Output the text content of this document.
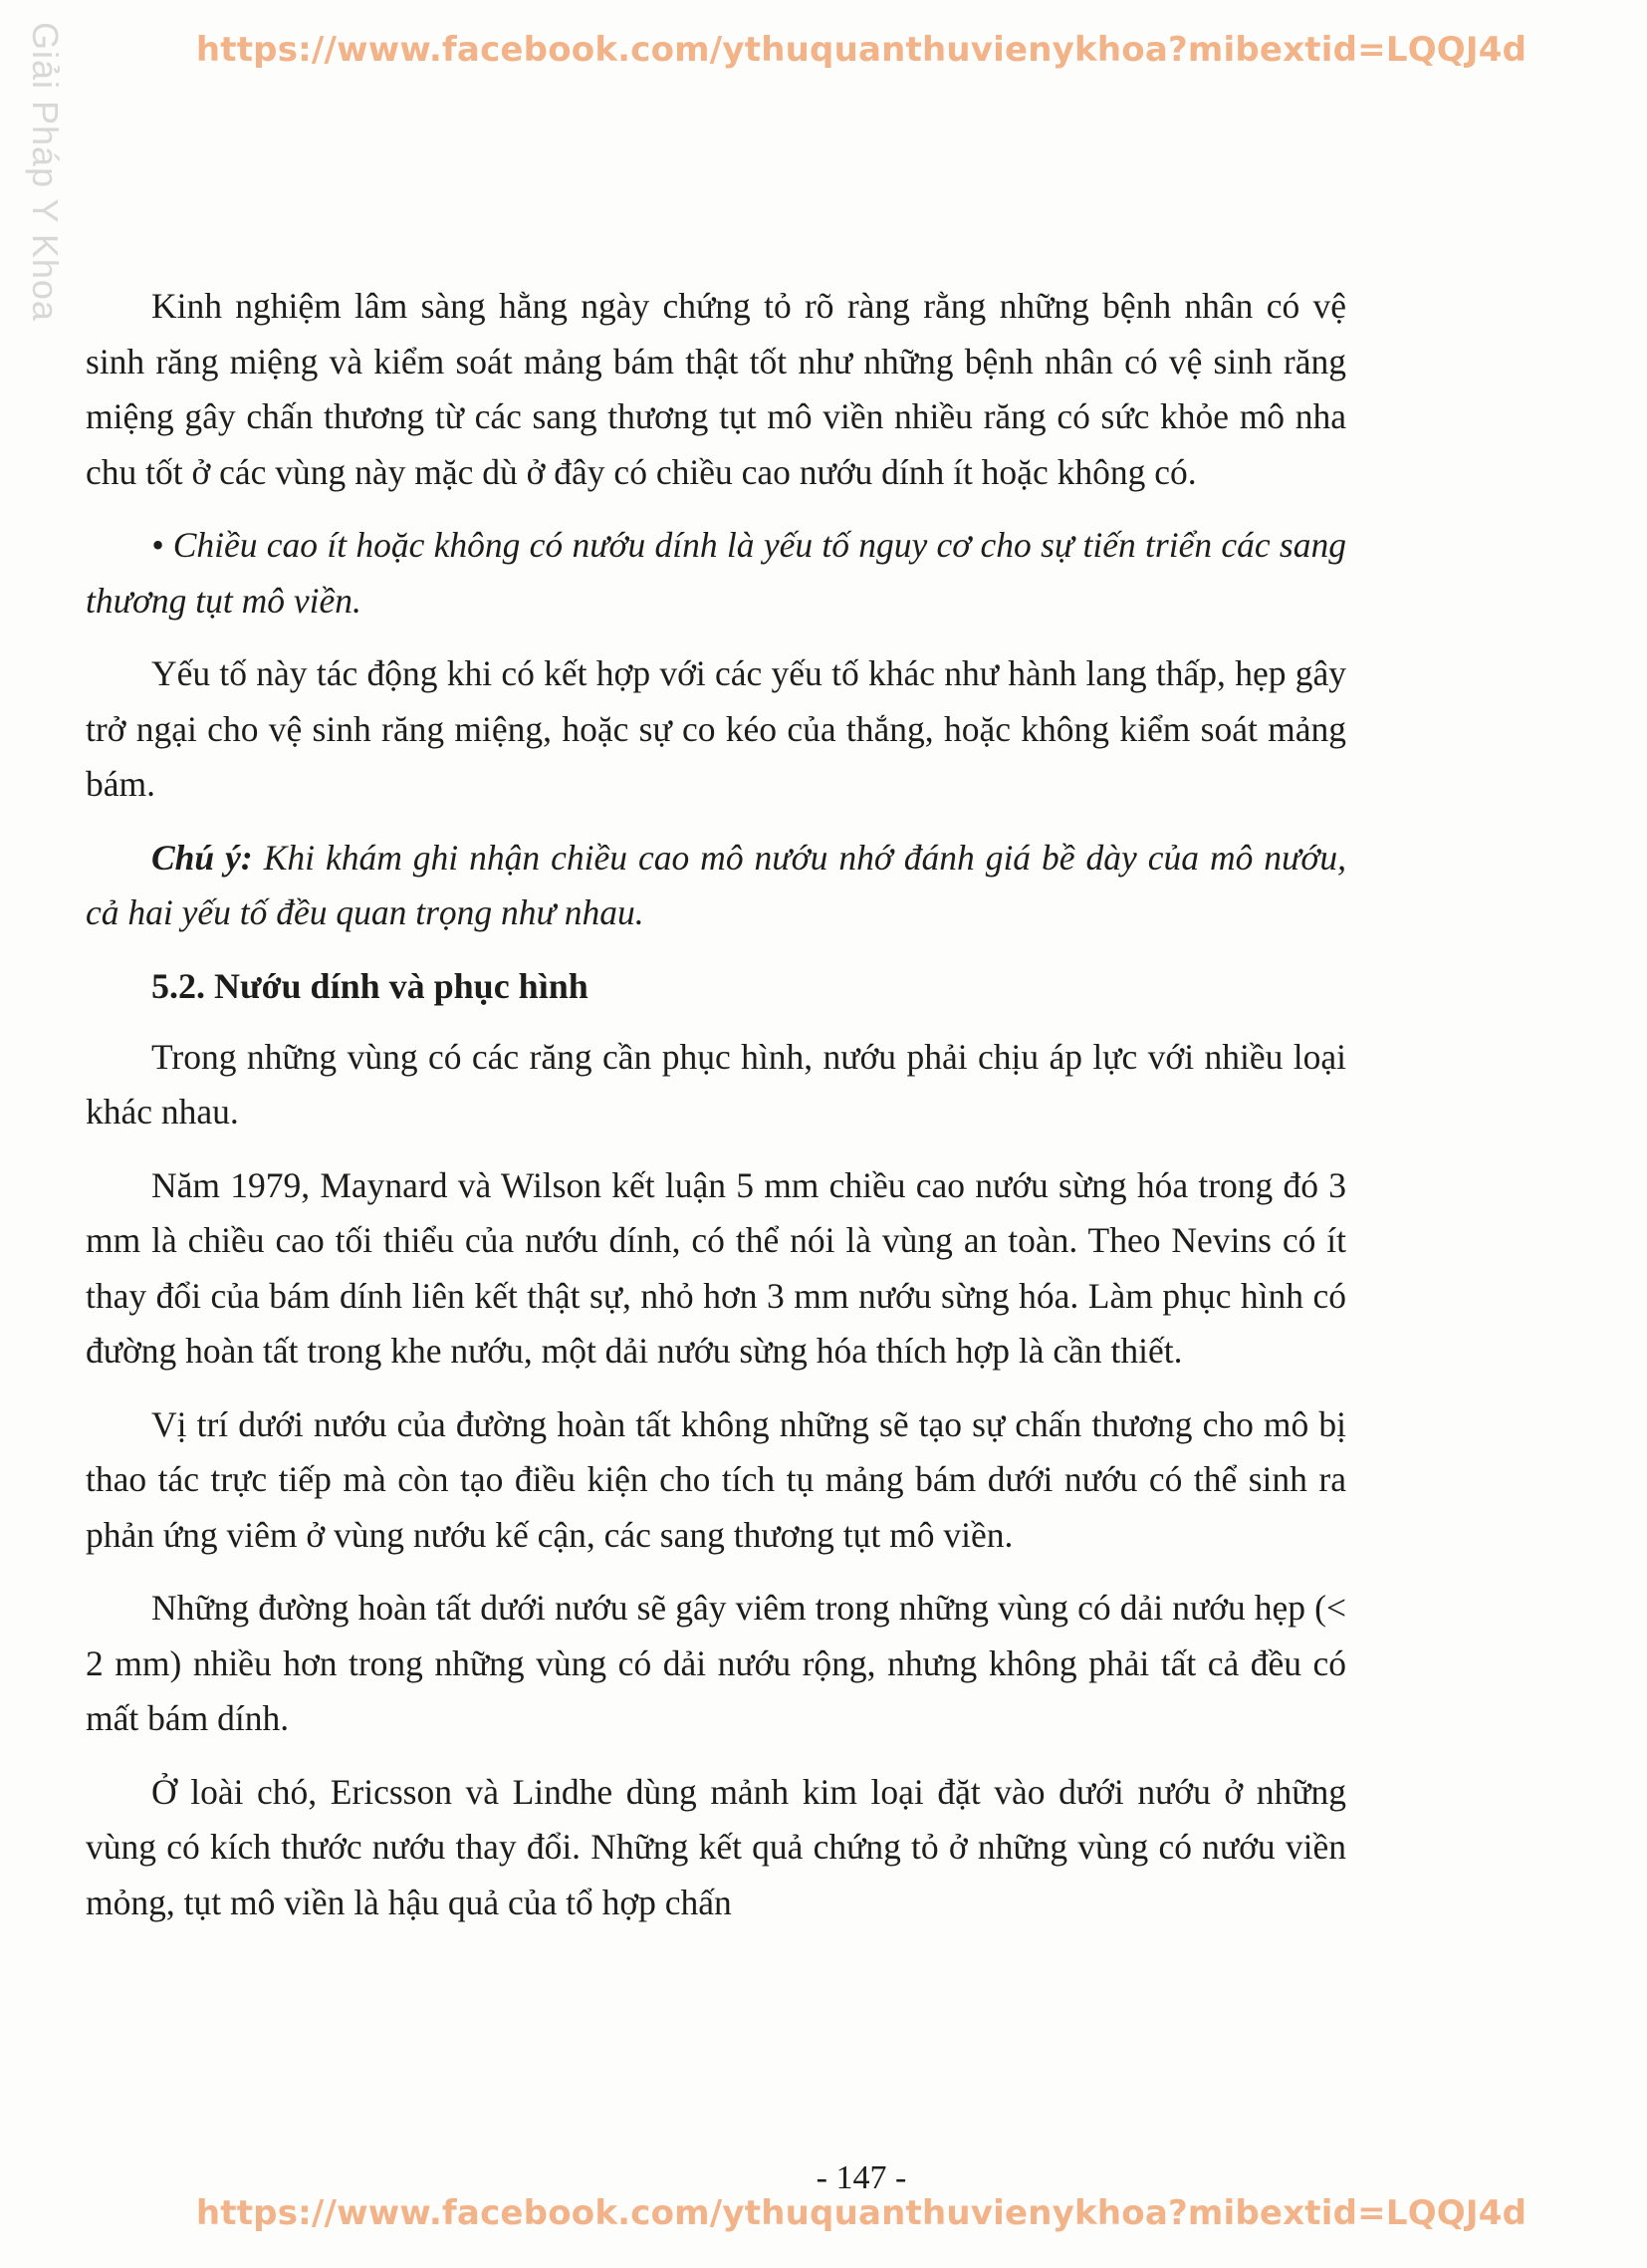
Giải Pháp Y Khoa	https://www.facebook.com/ythuquanthuvienykhoa?mibextid=LQQJ4d

Kinh nghiệm lâm sàng hằng ngày chứng tỏ rõ ràng rằng những bệnh nhân có vệ sinh răng miệng và kiểm soát mảng bám thật tốt như những bệnh nhân có vệ sinh răng miệng gây chấn thương từ các sang thương tụt mô viền nhiều răng có sức khỏe mô nha chu tốt ở các vùng này mặc dù ở đây có chiều cao nướu dính ít hoặc không có.

• Chiều cao ít hoặc không có nướu dính là yếu tố nguy cơ cho sự tiến triển các sang thương tụt mô viền.

Yếu tố này tác động khi có kết hợp với các yếu tố khác như hành lang thấp, hẹp gây trở ngại cho vệ sinh răng miệng, hoặc sự co kéo của thắng, hoặc không kiểm soát mảng bám.

Chú ý: Khi khám ghi nhận chiều cao mô nướu nhớ đánh giá bề dày của mô nướu, cả hai yếu tố đều quan trọng như nhau.

5.2. Nướu dính và phục hình

Trong những vùng có các răng cần phục hình, nướu phải chịu áp lực với nhiều loại khác nhau.

Năm 1979, Maynard và Wilson kết luận 5 mm chiều cao nướu sừng hóa trong đó 3 mm là chiều cao tối thiểu của nướu dính, có thể nói là vùng an toàn. Theo Nevins có ít thay đổi của bám dính liên kết thật sự, nhỏ hơn 3 mm nướu sừng hóa. Làm phục hình có đường hoàn tất trong khe nướu, một dải nướu sừng hóa thích hợp là cần thiết.

Vị trí dưới nướu của đường hoàn tất không những sẽ tạo sự chấn thương cho mô bị thao tác trực tiếp mà còn tạo điều kiện cho tích tụ mảng bám dưới nướu có thể sinh ra phản ứng viêm ở vùng nướu kế cận, các sang thương tụt mô viền.

Những đường hoàn tất dưới nướu sẽ gây viêm trong những vùng có dải nướu hẹp (< 2 mm) nhiều hơn trong những vùng có dải nướu rộng, nhưng không phải tất cả đều có mất bám dính.

Ở loài chó, Ericsson và Lindhe dùng mảnh kim loại đặt vào dưới nướu ở những vùng có kích thước nướu thay đổi. Những kết quả chứng tỏ ở những vùng có nướu viền mỏng, tụt mô viền là hậu quả của tổ hợp chấn

- 147 -
https://www.facebook.com/ythuquanthuvienykhoa?mibextid=LQQJ4d
